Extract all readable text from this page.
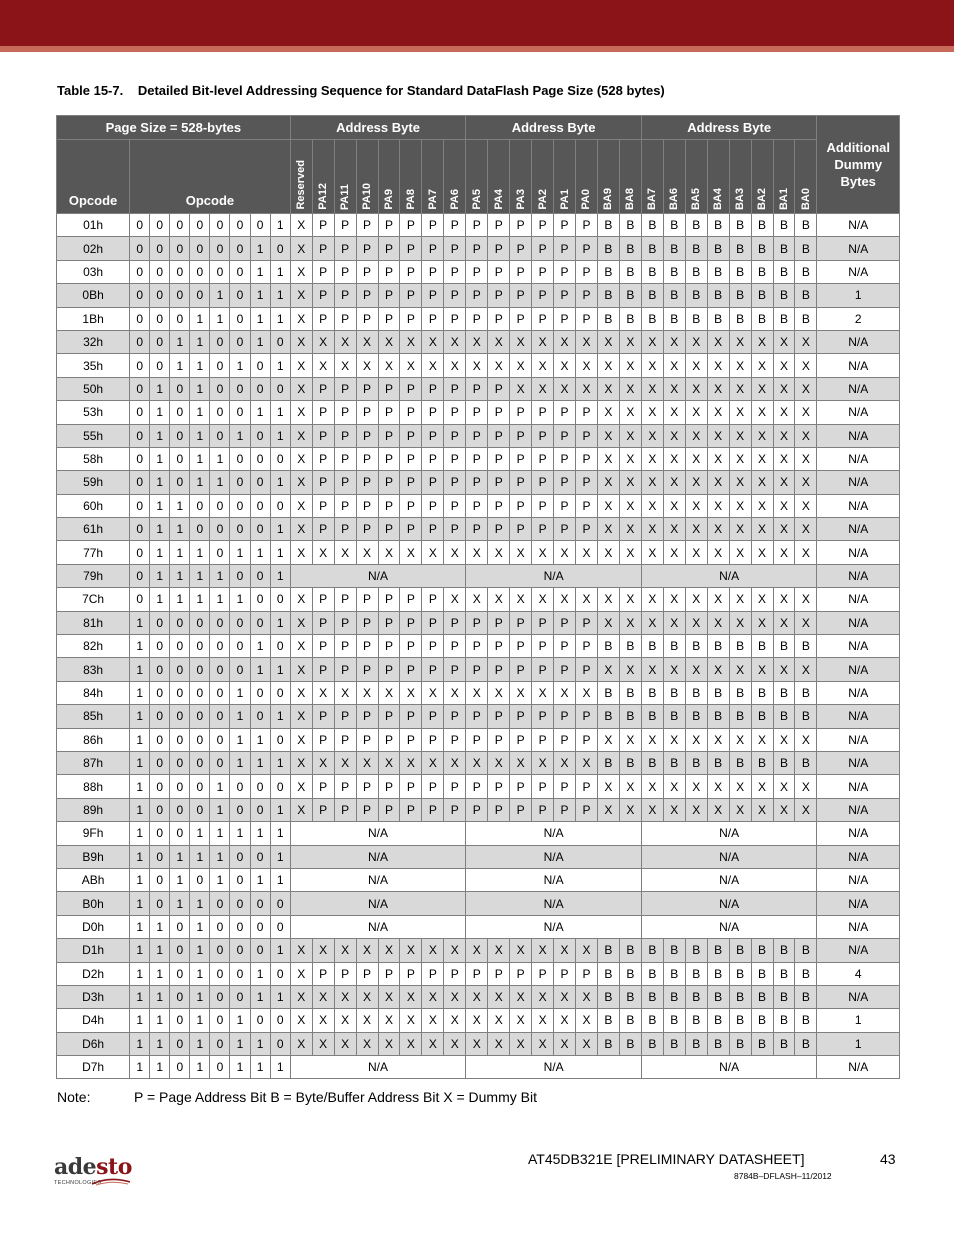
Table 15-7. Detailed Bit-level Addressing Sequence for Standard DataFlash Page Size (528 bytes)
Page Size = 528-bytes									Address Byte								Address Byte								Address Byte								Additional
Dummy
Bytes
Opcode	Opcode								Reserved	PA12	PA11	PA10	PA9	PA8	PA7	PA6	PA5	PA4	PA3	PA2	PA1	PA0	BA9	BA8	BA7	BA6	BA5	BA4	BA3	BA2	BA1	BA0	
01h	0	0	0	0	0	0	0	1	X	P	P	P	P	P	P	P	P	P	P	P	P	P	B	B	B	B	B	B	B	B	B	B	N/A
02h	0	0	0	0	0	0	1	0	X	P	P	P	P	P	P	P	P	P	P	P	P	P	B	B	B	B	B	B	B	B	B	B	N/A
03h	0	0	0	0	0	0	1	1	X	P	P	P	P	P	P	P	P	P	P	P	P	P	B	B	B	B	B	B	B	B	B	B	N/A
0Bh	0	0	0	0	1	0	1	1	X	P	P	P	P	P	P	P	P	P	P	P	P	P	B	B	B	B	B	B	B	B	B	B	1
1Bh	0	0	0	1	1	0	1	1	X	P	P	P	P	P	P	P	P	P	P	P	P	P	B	B	B	B	B	B	B	B	B	B	2
32h	0	0	1	1	0	0	1	0	X	X	X	X	X	X	X	X	X	X	X	X	X	X	X	X	X	X	X	X	X	X	X	X	N/A
35h	0	0	1	1	0	1	0	1	X	X	X	X	X	X	X	X	X	X	X	X	X	X	X	X	X	X	X	X	X	X	X	X	N/A
50h	0	1	0	1	0	0	0	0	X	P	P	P	P	P	P	P	P	P	X	X	X	X	X	X	X	X	X	X	X	X	X	X	N/A
53h	0	1	0	1	0	0	1	1	X	P	P	P	P	P	P	P	P	P	P	P	P	P	X	X	X	X	X	X	X	X	X	X	N/A
55h	0	1	0	1	0	1	0	1	X	P	P	P	P	P	P	P	P	P	P	P	P	P	X	X	X	X	X	X	X	X	X	X	N/A
58h	0	1	0	1	1	0	0	0	X	P	P	P	P	P	P	P	P	P	P	P	P	P	X	X	X	X	X	X	X	X	X	X	N/A
59h	0	1	0	1	1	0	0	1	X	P	P	P	P	P	P	P	P	P	P	P	P	P	X	X	X	X	X	X	X	X	X	X	N/A
60h	0	1	1	0	0	0	0	0	X	P	P	P	P	P	P	P	P	P	P	P	P	P	X	X	X	X	X	X	X	X	X	X	N/A
61h	0	1	1	0	0	0	0	1	X	P	P	P	P	P	P	P	P	P	P	P	P	P	X	X	X	X	X	X	X	X	X	X	N/A
77h	0	1	1	1	0	1	1	1	X	X	X	X	X	X	X	X	X	X	X	X	X	X	X	X	X	X	X	X	X	X	X	X	N/A
79h	0	1	1	1	1	0	0	1	N/A								N/A								N/A								N/A
7Ch	0	1	1	1	1	1	0	0	X	P	P	P	P	P	P	X	X	X	X	X	X	X	X	X	X	X	X	X	X	X	X	X	N/A
81h	1	0	0	0	0	0	0	1	X	P	P	P	P	P	P	P	P	P	P	P	P	P	X	X	X	X	X	X	X	X	X	X	N/A
82h	1	0	0	0	0	0	1	0	X	P	P	P	P	P	P	P	P	P	P	P	P	P	B	B	B	B	B	B	B	B	B	B	N/A
83h	1	0	0	0	0	0	1	1	X	P	P	P	P	P	P	P	P	P	P	P	P	P	X	X	X	X	X	X	X	X	X	X	N/A
84h	1	0	0	0	0	1	0	0	X	X	X	X	X	X	X	X	X	X	X	X	X	X	B	B	B	B	B	B	B	B	B	B	N/A
85h	1	0	0	0	0	1	0	1	X	P	P	P	P	P	P	P	P	P	P	P	P	P	B	B	B	B	B	B	B	B	B	B	N/A
86h	1	0	0	0	0	1	1	0	X	P	P	P	P	P	P	P	P	P	P	P	P	P	X	X	X	X	X	X	X	X	X	X	N/A
87h	1	0	0	0	0	1	1	1	X	X	X	X	X	X	X	X	X	X	X	X	X	X	B	B	B	B	B	B	B	B	B	B	N/A
88h	1	0	0	0	1	0	0	0	X	P	P	P	P	P	P	P	P	P	P	P	P	P	X	X	X	X	X	X	X	X	X	X	N/A
89h	1	0	0	0	1	0	0	1	X	P	P	P	P	P	P	P	P	P	P	P	P	P	X	X	X	X	X	X	X	X	X	X	N/A
9Fh	1	0	0	1	1	1	1	1	N/A								N/A								N/A								N/A
B9h	1	0	1	1	1	0	0	1	N/A								N/A								N/A								N/A
ABh	1	0	1	0	1	0	1	1	N/A								N/A								N/A								N/A
B0h	1	0	1	1	0	0	0	0	N/A								N/A								N/A								N/A
D0h	1	1	0	1	0	0	0	0	N/A								N/A								N/A								N/A
D1h	1	1	0	1	0	0	0	1	X	X	X	X	X	X	X	X	X	X	X	X	X	X	B	B	B	B	B	B	B	B	B	B	N/A
D2h	1	1	0	1	0	0	1	0	X	P	P	P	P	P	P	P	P	P	P	P	P	P	B	B	B	B	B	B	B	B	B	B	4
D3h	1	1	0	1	0	0	1	1	X	X	X	X	X	X	X	X	X	X	X	X	X	X	B	B	B	B	B	B	B	B	B	B	N/A
D4h	1	1	0	1	0	1	0	0	X	X	X	X	X	X	X	X	X	X	X	X	X	X	B	B	B	B	B	B	B	B	B	B	1
D6h	1	1	0	1	0	1	1	0	X	X	X	X	X	X	X	X	X	X	X	X	X	X	B	B	B	B	B	B	B	B	B	B	1
D7h	1	1	0	1	0	1	1	1	N/A								N/A								N/A								N/A
Note:	P = Page Address Bit B = Byte/Buffer Address Bit X = Dummy Bit
adesto
TECHNOLOGIES
AT45DB321E [PRELIMINARY DATASHEET]	43
8784B–DFLASH–11/2012
